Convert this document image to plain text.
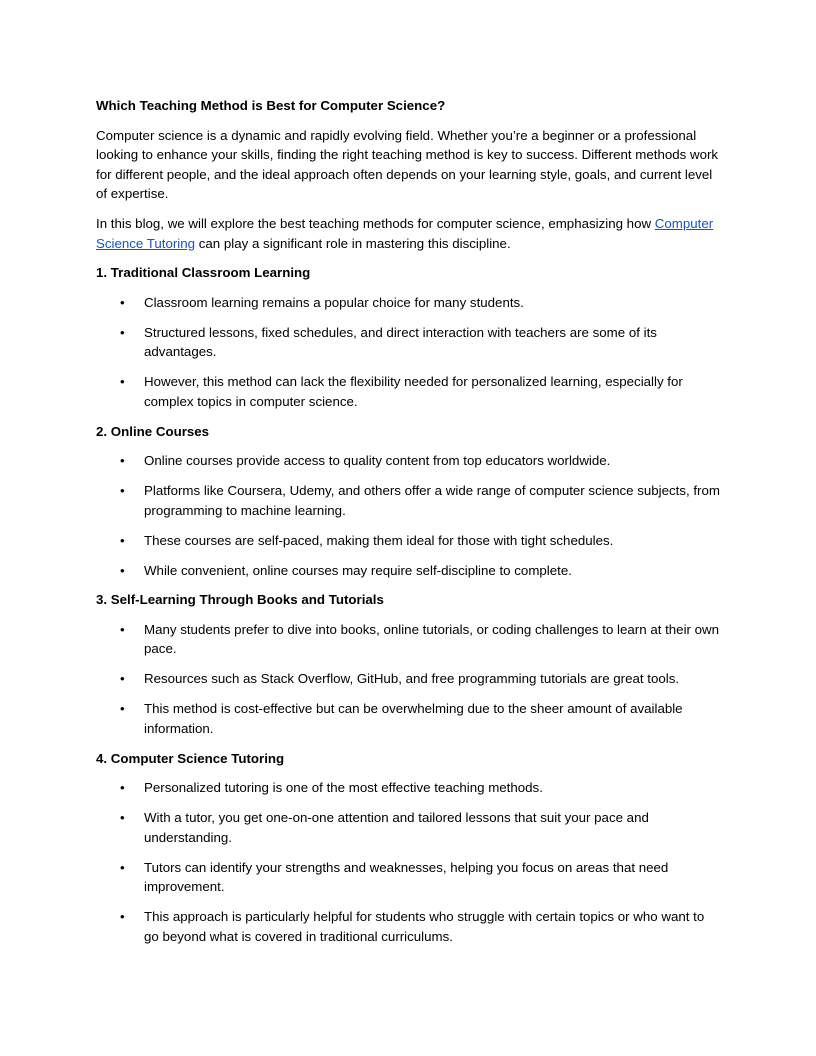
Which Teaching Method is Best for Computer Science?

Computer science is a dynamic and rapidly evolving field. Whether you’re a beginner or a professional looking to enhance your skills, finding the right teaching method is key to success. Different methods work for different people, and the ideal approach often depends on your learning style, goals, and current level of expertise.

In this blog, we will explore the best teaching methods for computer science, emphasizing how Computer Science Tutoring can play a significant role in mastering this discipline.

1. Traditional Classroom Learning

•	Classroom learning remains a popular choice for many students.
•	Structured lessons, fixed schedules, and direct interaction with teachers are some of its advantages.
•	However, this method can lack the flexibility needed for personalized learning, especially for complex topics in computer science.

2. Online Courses

•	Online courses provide access to quality content from top educators worldwide.
•	Platforms like Coursera, Udemy, and others offer a wide range of computer science subjects, from programming to machine learning.
•	These courses are self-paced, making them ideal for those with tight schedules.
•	While convenient, online courses may require self-discipline to complete.

3. Self-Learning Through Books and Tutorials

•	Many students prefer to dive into books, online tutorials, or coding challenges to learn at their own pace.
•	Resources such as Stack Overflow, GitHub, and free programming tutorials are great tools.
•	This method is cost-effective but can be overwhelming due to the sheer amount of available information.

4. Computer Science Tutoring

•	Personalized tutoring is one of the most effective teaching methods.
•	With a tutor, you get one-on-one attention and tailored lessons that suit your pace and understanding.
•	Tutors can identify your strengths and weaknesses, helping you focus on areas that need improvement.
•	This approach is particularly helpful for students who struggle with certain topics or who want to go beyond what is covered in traditional curriculums.
